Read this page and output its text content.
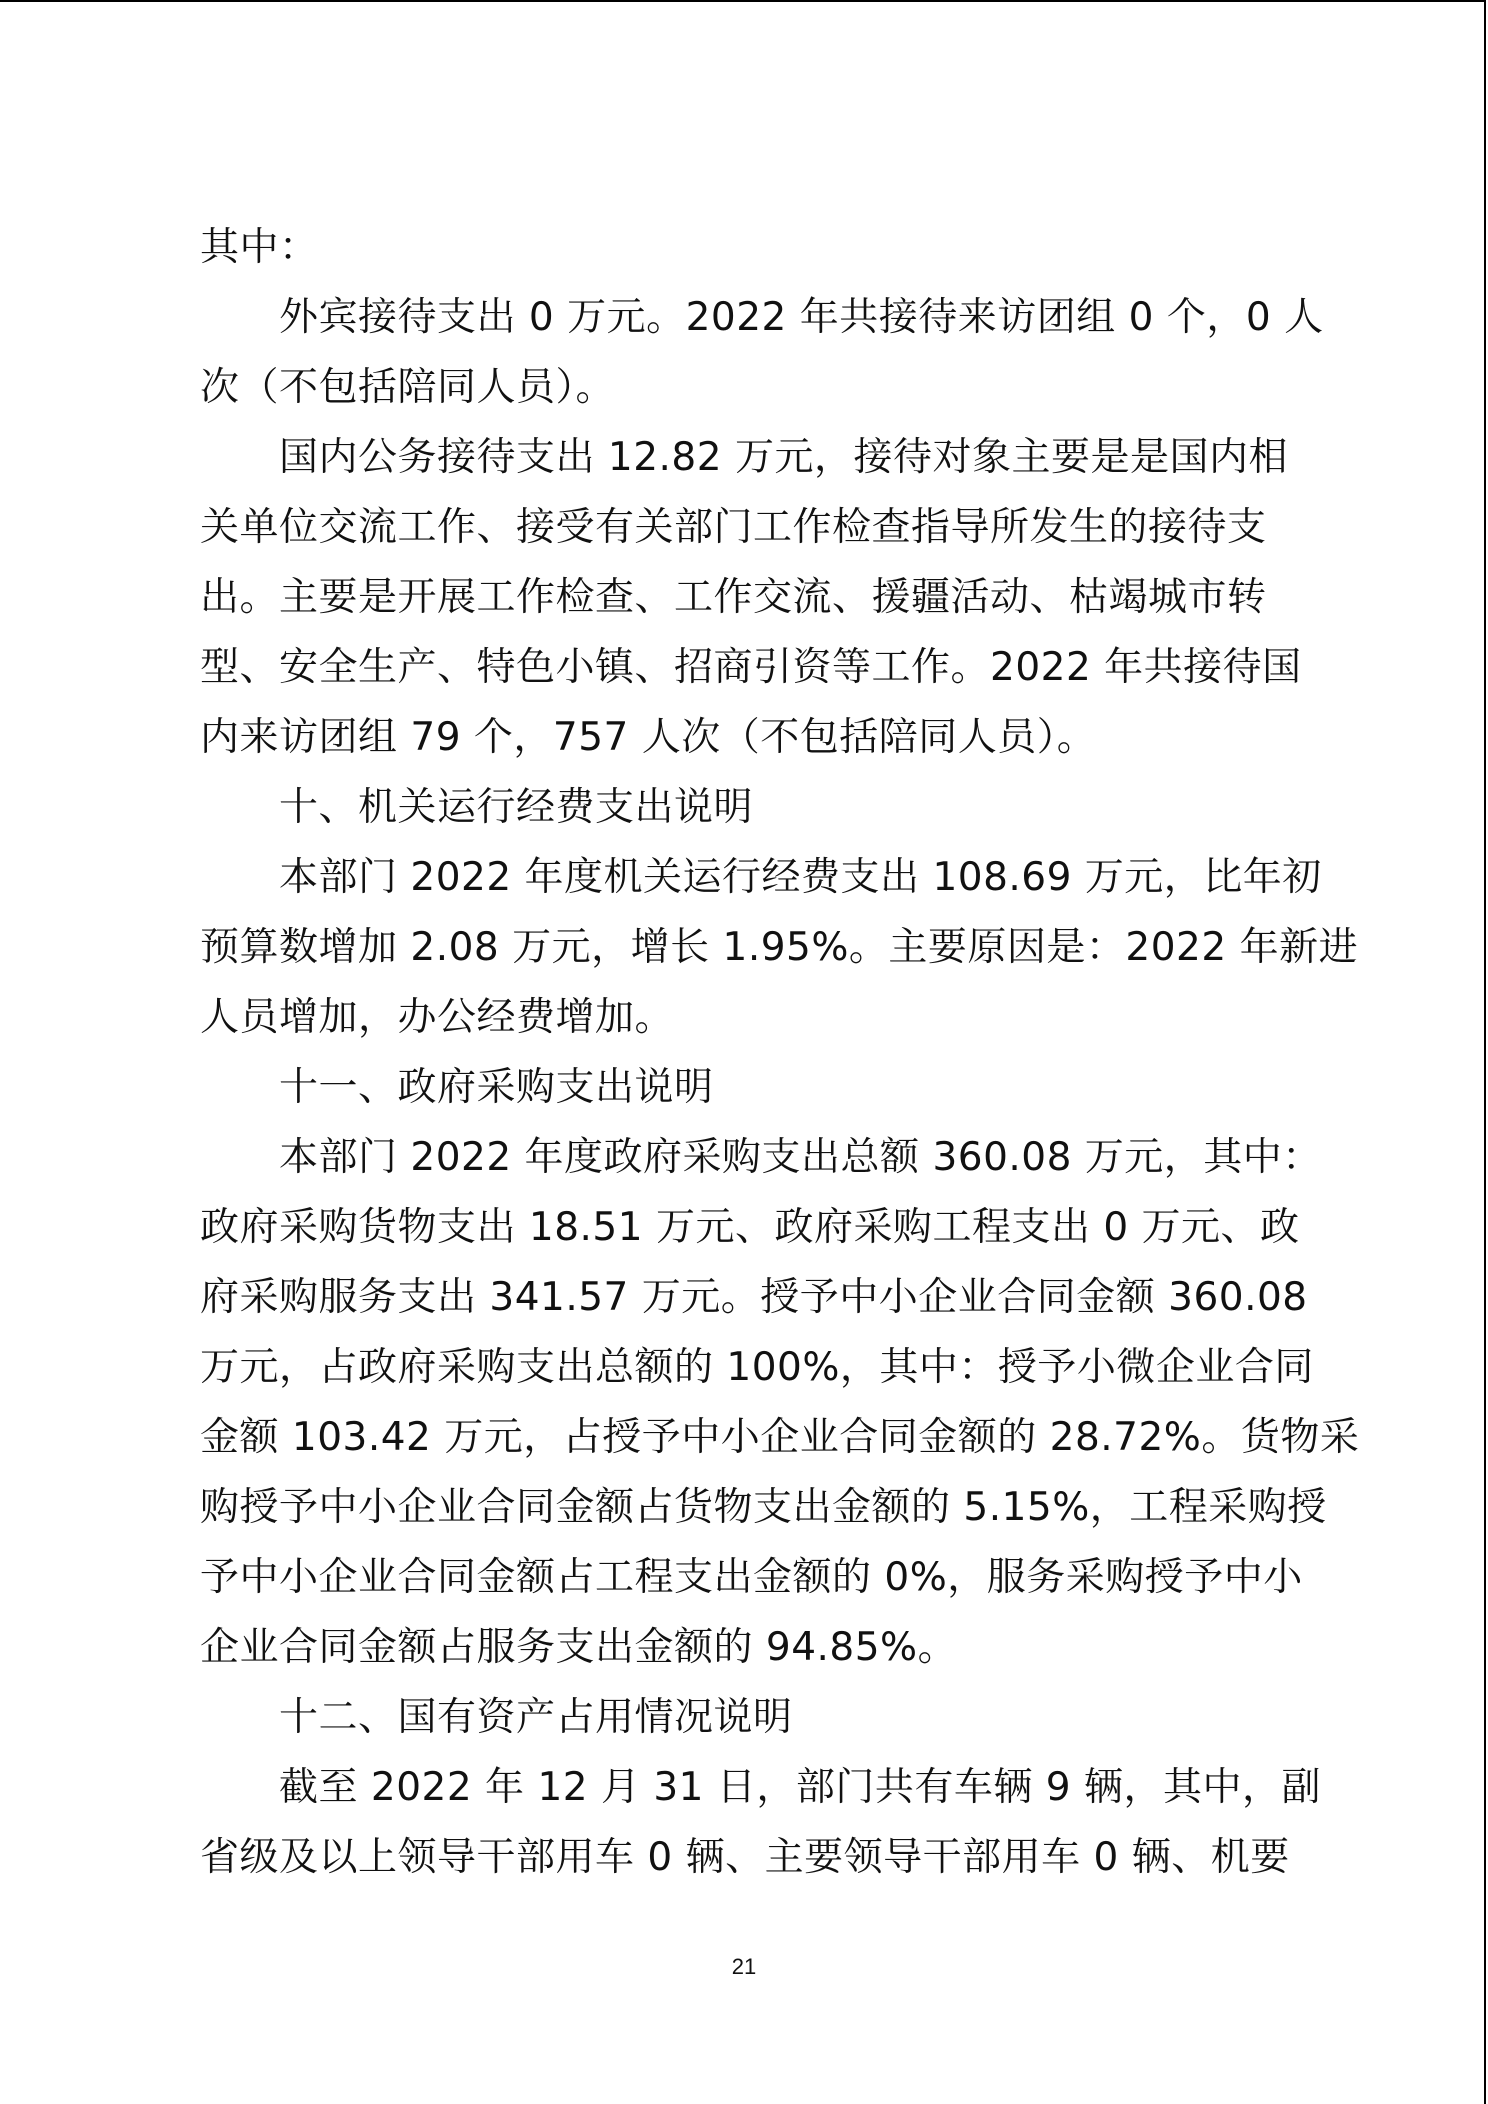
其中：
外宾接待支出 0 万元。2022 年共接待来访团组 0 个，0 人
次（不包括陪同人员）。
国内公务接待支出 12.82 万元，接待对象主要是是国内相
关单位交流工作、接受有关部门工作检查指导所发生的接待支
出。主要是开展工作检查、工作交流、援疆活动、枯竭城市转
型、安全生产、特色小镇、招商引资等工作。2022 年共接待国
内来访团组 79 个，757 人次（不包括陪同人员）。
十、机关运行经费支出说明
本部门 2022 年度机关运行经费支出 108.69 万元，比年初
预算数增加 2.08 万元，增长 1.95%。主要原因是：2022 年新进
人员增加，办公经费增加。
十一、政府采购支出说明
本部门 2022 年度政府采购支出总额 360.08 万元，其中：
政府采购货物支出 18.51 万元、政府采购工程支出 0 万元、政
府采购服务支出 341.57 万元。授予中小企业合同金额 360.08
万元，占政府采购支出总额的 100%，其中：授予小微企业合同
金额 103.42 万元，占授予中小企业合同金额的 28.72%。货物采
购授予中小企业合同金额占货物支出金额的 5.15%，工程采购授
予中小企业合同金额占工程支出金额的 0%，服务采购授予中小
企业合同金额占服务支出金额的 94.85%。
十二、国有资产占用情况说明
截至 2022 年 12 月 31 日，部门共有车辆 9 辆，其中，副
省级及以上领导干部用车 0 辆、主要领导干部用车 0 辆、机要
21
